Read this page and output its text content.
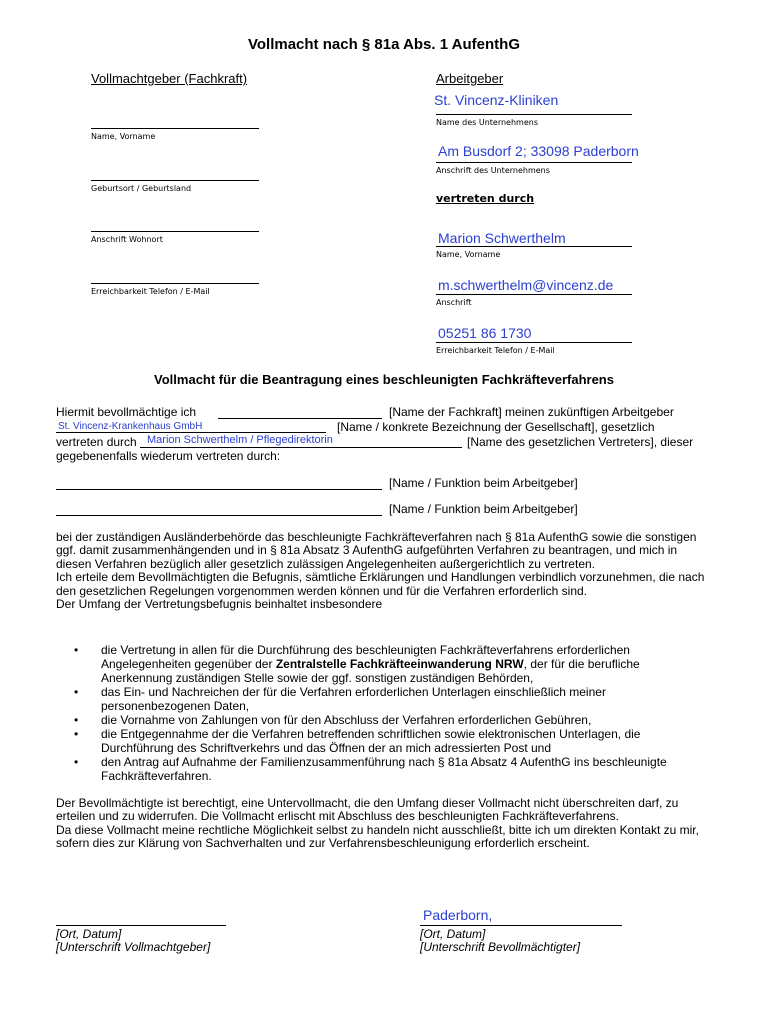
Vollmacht nach § 81a Abs. 1 AufenthG
Vollmachtgeber (Fachkraft)
Name, Vorname
Geburtsort / Geburtsland
Anschrift Wohnort
Erreichbarkeit Telefon / E-Mail
Arbeitgeber
St. Vincenz-Kliniken
Name des Unternehmens
Am Busdorf 2; 33098 Paderborn
Anschrift des Unternehmens
vertreten durch
Marion Schwerthelm
Name, Vorname
m.schwerthelm@vincenz.de
Anschrift
05251 86 1730
Erreichbarkeit Telefon / E-Mail
Vollmacht für die Beantragung eines beschleunigten Fachkräfteverfahrens
Hiermit bevollmächtige ich	[Name der Fachkraft] meinen zukünftigen Arbeitgeber
St. Vincenz-Krankenhaus GmbH	[Name / konkrete Bezeichnung der Gesellschaft], gesetzlich
vertreten durch Marion Schwerthelm / Pflegedirektorin	[Name des gesetzlichen Vertreters], dieser
gegebenenfalls wiederum vertreten durch:
[Name / Funktion beim Arbeitgeber]
[Name / Funktion beim Arbeitgeber]
bei der zuständigen Ausländerbehörde das beschleunigte Fachkräfteverfahren nach § 81a AufenthG sowie die sonstigen ggf. damit zusammenhängenden und in § 81a Absatz 3 AufenthG aufgeführten Verfahren zu beantragen, und mich in diesen Verfahren bezüglich aller gesetzlich zulässigen Angelegenheiten außergerichtlich zu vertreten.
Ich erteile dem Bevollmächtigten die Befugnis, sämtliche Erklärungen und Handlungen verbindlich vorzunehmen, die nach den gesetzlichen Regelungen vorgenommen werden können und für die Verfahren erforderlich sind.
Der Umfang der Vertretungsbefugnis beinhaltet insbesondere
• die Vertretung in allen für die Durchführung des beschleunigten Fachkräfteverfahrens erforderlichen Angelegenheiten gegenüber der Zentralstelle Fachkräfteeinwanderung NRW, der für die berufliche Anerkennung zuständigen Stelle sowie der ggf. sonstigen zuständigen Behörden,
• das Ein- und Nachreichen der für die Verfahren erforderlichen Unterlagen einschließlich meiner personenbezogenen Daten,
• die Vornahme von Zahlungen von für den Abschluss der Verfahren erforderlichen Gebühren,
• die Entgegennahme der die Verfahren betreffenden schriftlichen sowie elektronischen Unterlagen, die Durchführung des Schriftverkehrs und das Öffnen der an mich adressierten Post und
• den Antrag auf Aufnahme der Familienzusammenführung nach § 81a Absatz 4 AufenthG ins beschleunigte Fachkräfteverfahren.
Der Bevollmächtigte ist berechtigt, eine Untervollmacht, die den Umfang dieser Vollmacht nicht überschreiten darf, zu erteilen und zu widerrufen. Die Vollmacht erlischt mit Abschluss des beschleunigten Fachkräfteverfahrens.
Da diese Vollmacht meine rechtliche Möglichkeit selbst zu handeln nicht ausschließt, bitte ich um direkten Kontakt zu mir, sofern dies zur Klärung von Sachverhalten und zur Verfahrensbeschleunigung erforderlich erscheint.
[Ort, Datum]
[Unterschrift Vollmachtgeber]
Paderborn,
[Ort, Datum]
[Unterschrift Bevollmächtigter]
